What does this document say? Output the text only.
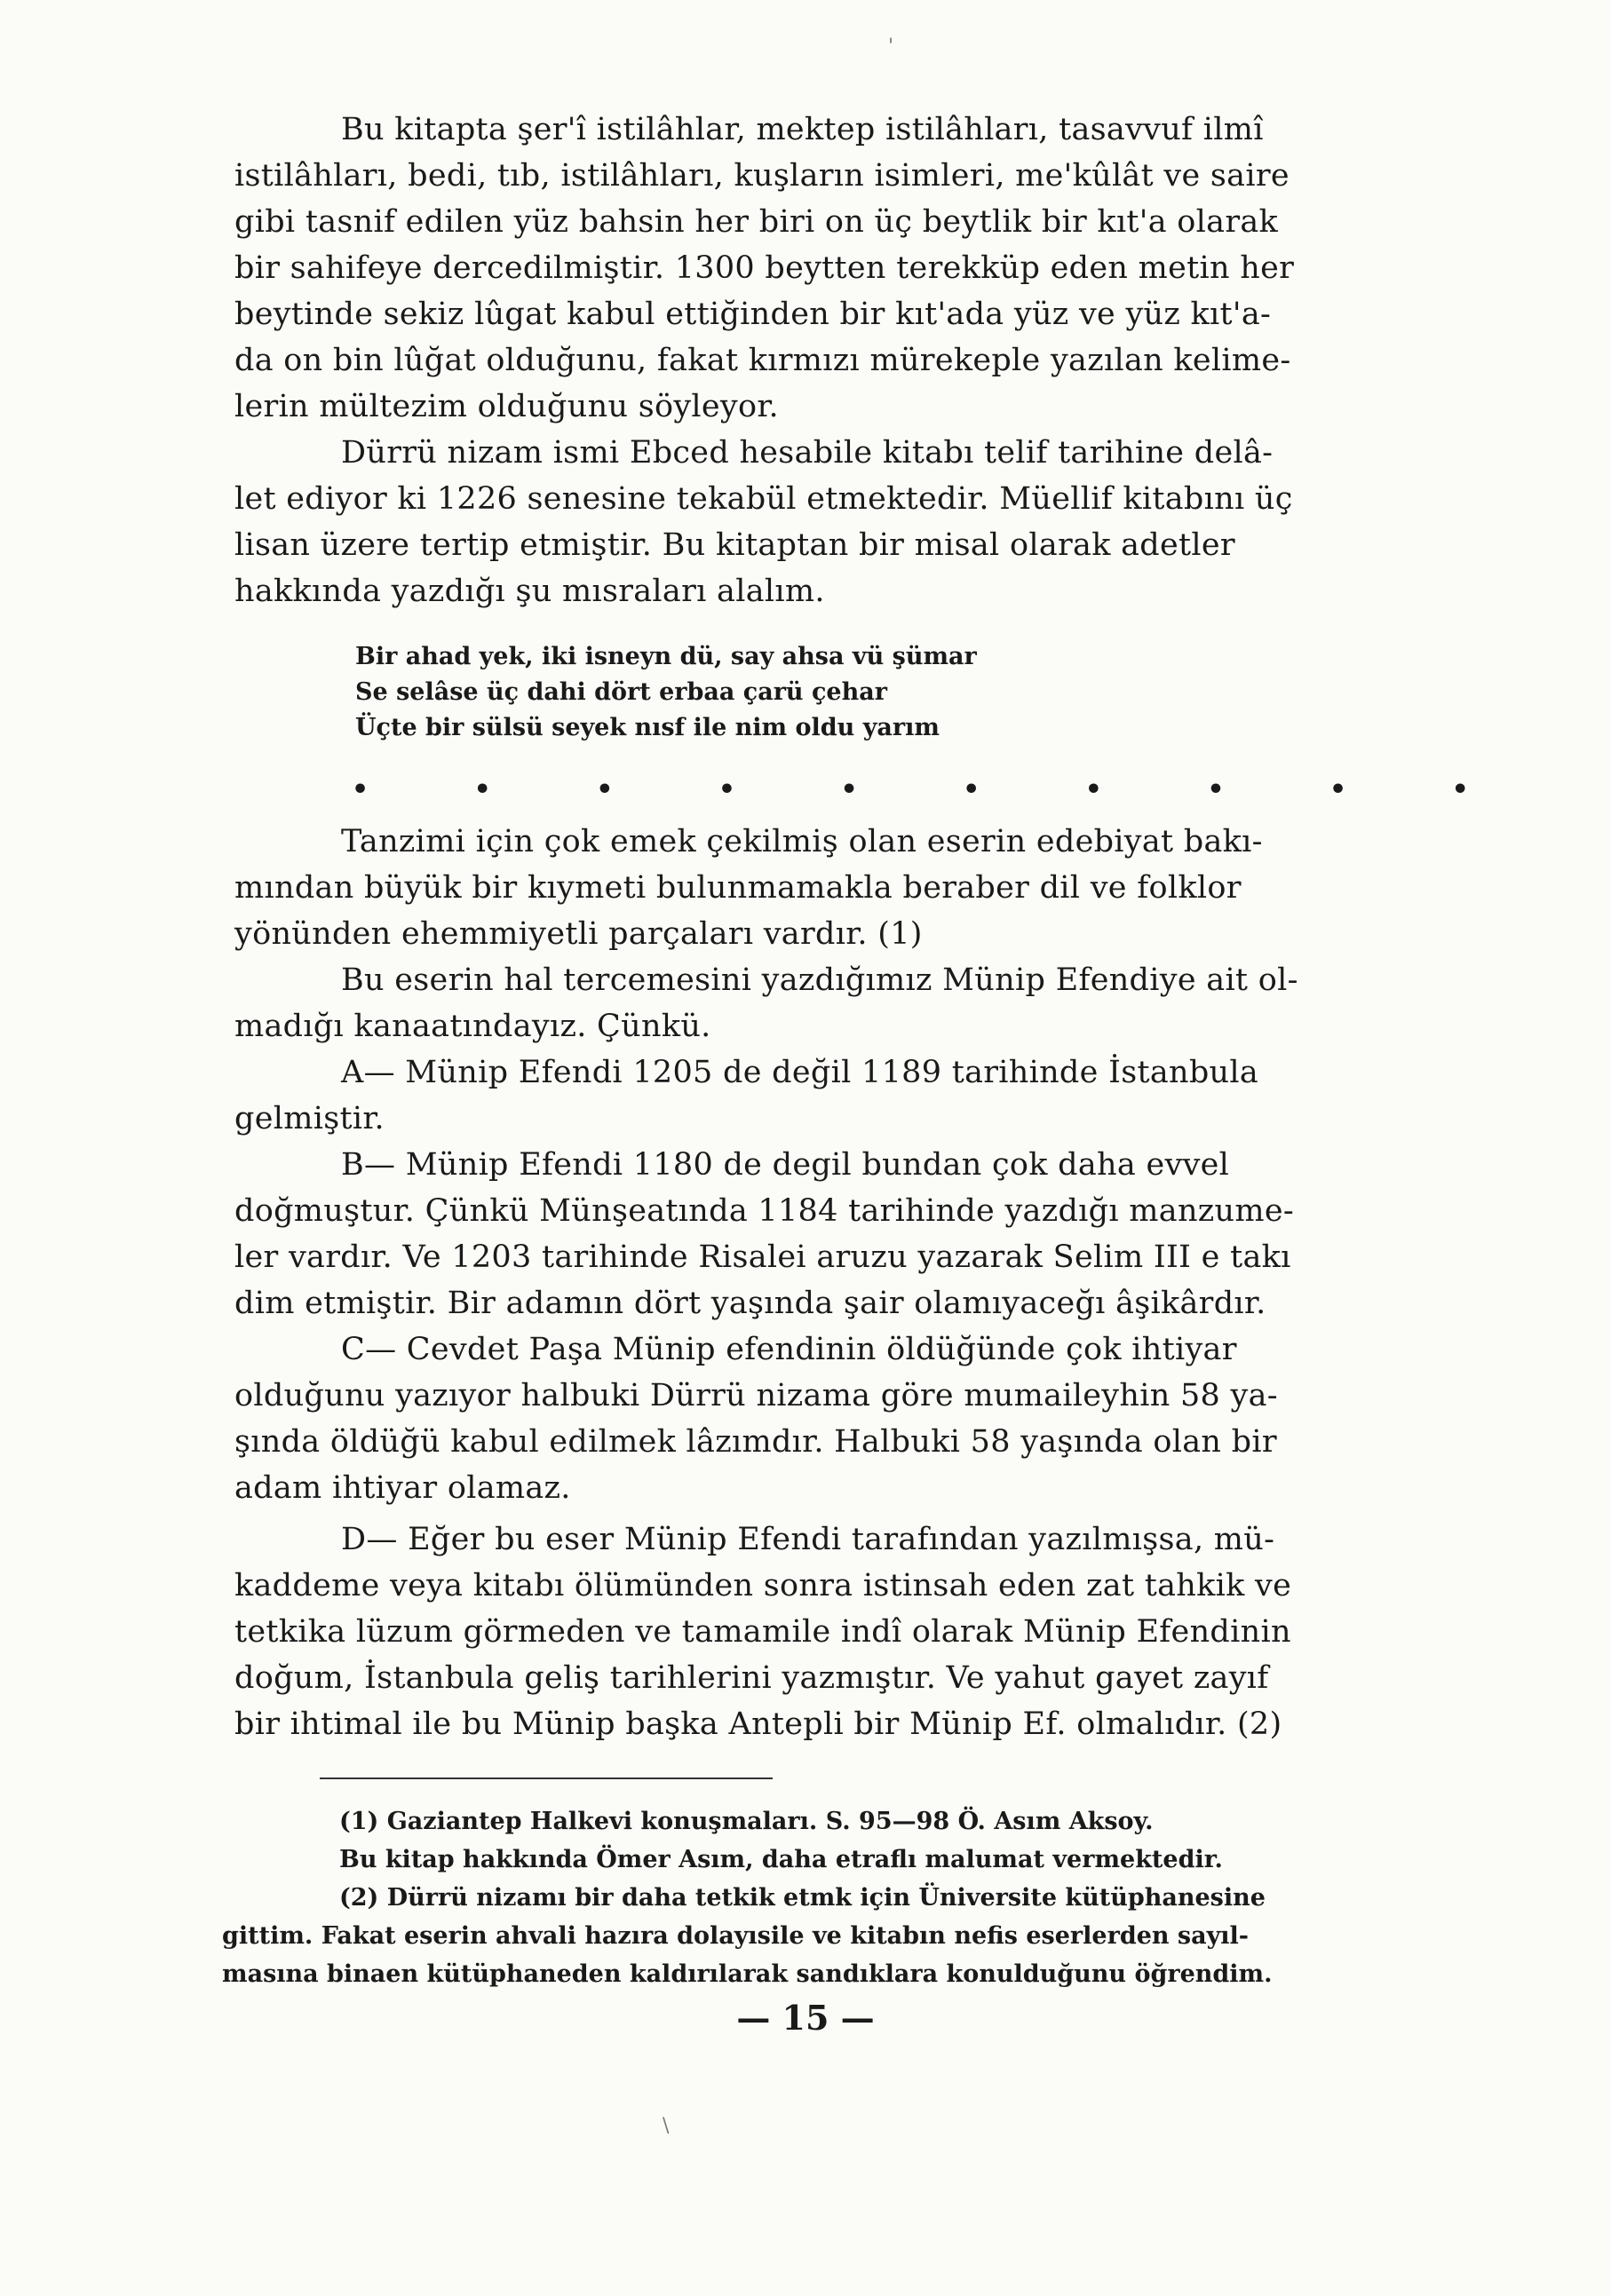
'

Bu kitapta şer'î istilâhlar, mektep istilâhları, tasavvuf ilmî
istilâhları, bedi, tıb, istilâhları, kuşların isimleri, me'kûlât ve saire
gibi tasnif edilen yüz bahsin her biri on üç beytlik bir kıt'a olarak
bir sahifeye dercedilmiştir. 1300 beytten terekküp eden metin her
beytinde sekiz lûgat kabul ettiğinden bir kıt'ada yüz ve yüz kıt'a-
da on bin lûğat olduğunu, fakat kırmızı mürekeple yazılan kelime-
lerin mültezim olduğunu söyleyor.

Dürrü nizam ismi Ebced hesabile kitabı telif tarihine delâ-
let ediyor ki 1226 senesine tekabül etmektedir. Müellif kitabını üç
lisan üzere tertip etmiştir. Bu kitaptan bir misal olarak adetler
hakkında yazdığı şu mısraları alalım.

Bir ahad yek, iki isneyn dü, say ahsa vü şümar
Se selâse üç dahi dört erbaa çarü çehar
Üçte bir sülsü seyek nısf ile nim oldu yarım

• • • • • • • • • •

Tanzimi için çok emek çekilmiş olan eserin edebiyat bakı-
mından büyük bir kıymeti bulunmamakla beraber dil ve folklor
yönünden ehemmiyetli parçaları vardır. (1)

Bu eserin hal tercemesini yazdığımız Münip Efendiye ait ol-
madığı kanaatındayız. Çünkü.

A— Münip Efendi 1205 de değil 1189 tarihinde İstanbula
gelmiştir.

B— Münip Efendi 1180 de degil bundan çok daha evvel
doğmuştur. Çünkü Münşeatında 1184 tarihinde yazdığı manzume-
ler vardır. Ve 1203 tarihinde Risalei aruzu yazarak Selim III e takı
dim etmiştir. Bir adamın dört yaşında şair olamıyaceğı âşikârdır.

C— Cevdet Paşa Münip efendinin öldüğünde çok ihtiyar
olduğunu yazıyor halbuki Dürrü nizama göre mumaileyhin 58 ya-
şında öldüğü kabul edilmek lâzımdır. Halbuki 58 yaşında olan bir
adam ihtiyar olamaz.

D— Eğer bu eser Münip Efendi tarafından yazılmışsa, mü-
kaddeme veya kitabı ölümünden sonra istinsah eden zat tahkik ve
tetkika lüzum görmeden ve tamamile indî olarak Münip Efendinin
doğum, İstanbula geliş tarihlerini yazmıştır. Ve yahut gayet zayıf
bir ihtimal ile bu Münip başka Antepli bir Münip Ef. olmalıdır. (2)

(1) Gaziantep Halkevi konuşmaları. S. 95—98 Ö. Asım Aksoy.
Bu kitap hakkında Ömer Asım, daha etraflı malumat vermektedir.
(2) Dürrü nizamı bir daha tetkik etmk için Üniversite kütüphanesine
gittim. Fakat eserin ahvali hazıra dolayısile ve kitabın nefis eserlerden sayıl-
masına binaen kütüphaneden kaldırılarak sandıklara konulduğunu öğrendim.

— 15 —
\
